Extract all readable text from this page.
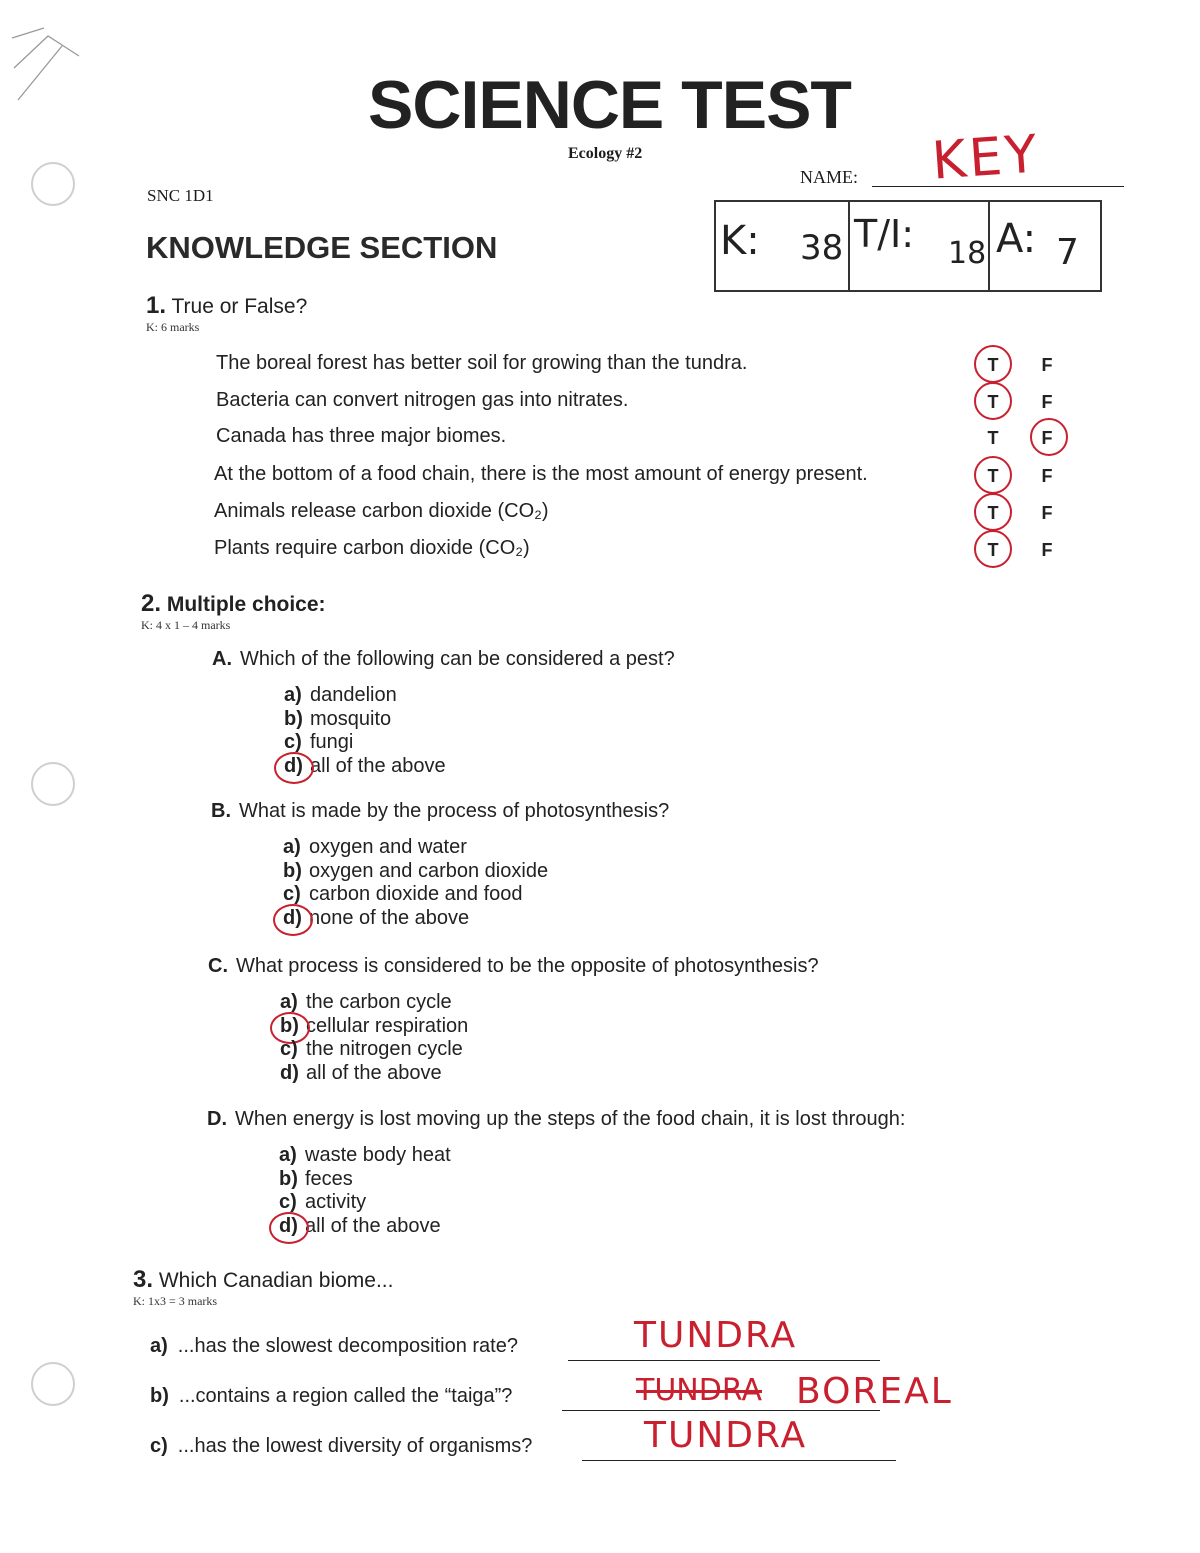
SCIENCE TEST
Ecology #2
SNC 1D1
NAME: KEY
K: 38 T/I: 18 A: 7
KNOWLEDGE SECTION
1. True or False?
K: 6 marks
The boreal forest has better soil for growing than the tundra.	T F
Bacteria can convert nitrogen gas into nitrates.	T F
Canada has three major biomes.	T F
At the bottom of a food chain, there is the most amount of energy present.	T F
Animals release carbon dioxide (CO₂)	T F
Plants require carbon dioxide (CO₂)	T F
2. Multiple choice:
K: 4 x 1 – 4 marks
A. Which of the following can be considered a pest?
a) dandelion
b) mosquito
c) fungi
d) all of the above
B. What is made by the process of photosynthesis?
a) oxygen and water
b) oxygen and carbon dioxide
c) carbon dioxide and food
d) none of the above
C. What process is considered to be the opposite of photosynthesis?
a) the carbon cycle
b) cellular respiration
c) the nitrogen cycle
d) all of the above
D. When energy is lost moving up the steps of the food chain, it is lost through:
a) waste body heat
b) feces
c) activity
d) all of the above
3. Which Canadian biome...
K: 1x3 = 3 marks
a) ...has the slowest decomposition rate?	TUNDRA
b) ...contains a region called the “taiga”?	TUNDRA BOREAL
c) ...has the lowest diversity of organisms?	TUNDRA
